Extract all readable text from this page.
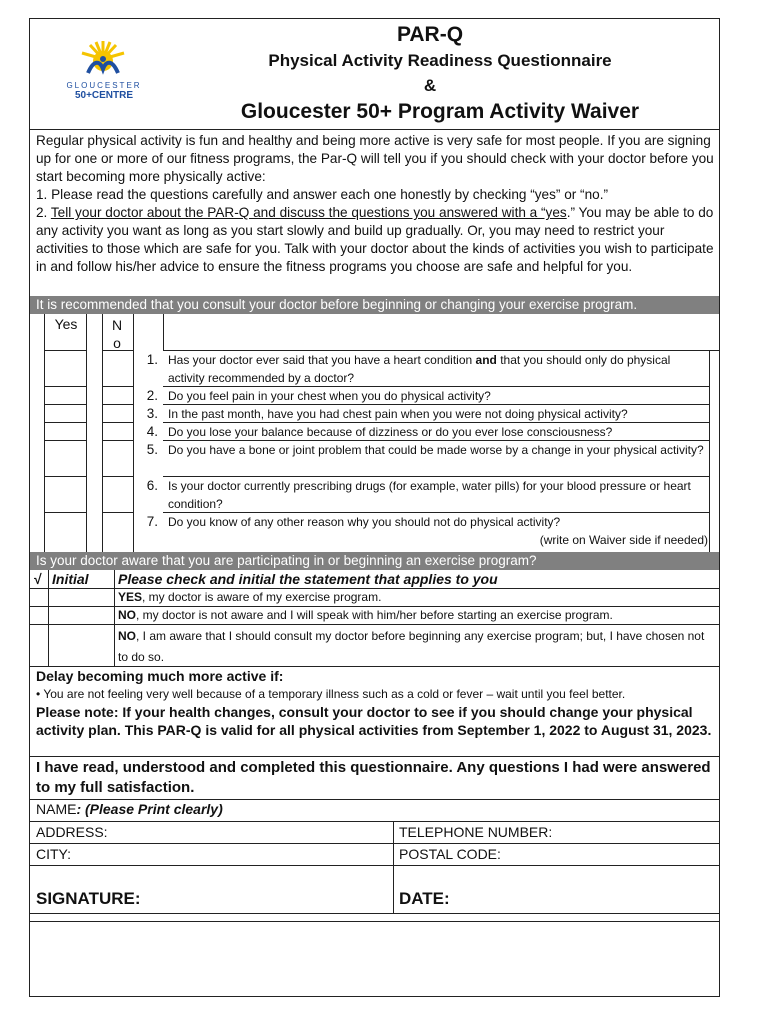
GLOUCESTER
50+CENTRE
PAR-Q
Physical Activity Readiness Questionnaire
&
Gloucester 50+ Program Activity Waiver

Regular physical activity is fun and healthy and being more active is very safe for most people. If you are signing up for one or more of our fitness programs, the Par-Q will tell you if you should check with your doctor before you start becoming more physically active:

1. Please read the questions carefully and answer each one honestly by checking “yes” or “no.”

2. Tell your doctor about the PAR-Q and discuss the questions you answered with a “yes.” You may be able to do any activity you want as long as you start slowly and build up gradually. Or, you may need to restrict your activities to those which are safe for you. Talk with your doctor about the kinds of activities you wish to participate in and follow his/her advice to ensure the fitness programs you choose are safe and helpful for you.

It is recommended that you consult your doctor before beginning or changing your exercise program.
Yes	N
o
1. Has your doctor ever said that you have a heart condition and that you should only do physical activity recommended by a doctor?
2. Do you feel pain in your chest when you do physical activity?
3. In the past month, have you had chest pain when you were not doing physical activity?
4. Do you lose your balance because of dizziness or do you ever lose consciousness?
5. Do you have a bone or joint problem that could be made worse by a change in your physical activity?
6. Is your doctor currently prescribing drugs (for example, water pills) for your blood pressure or heart condition?
7. Do you know of any other reason why you should not do physical activity?
(write on Waiver side if needed)
Is your doctor aware that you are participating in or beginning an exercise program?
√ Initial Please check and initial the statement that applies to you
YES, my doctor is aware of my exercise program.
NO, my doctor is not aware and I will speak with him/her before starting an exercise program.
NO, I am aware that I should consult my doctor before beginning any exercise program; but, I have chosen not to do so.
Delay becoming much more active if:
• You are not feeling very well because of a temporary illness such as a cold or fever – wait until you feel better.
Please note: If your health changes, consult your doctor to see if you should change your physical activity plan. This PAR-Q is valid for all physical activities from September 1, 2022 to August 31, 2023.
I have read, understood and completed this questionnaire. Any questions I had were answered to my full satisfaction.
NAME: (Please Print clearly)
ADDRESS:	TELEPHONE NUMBER:
CITY:	POSTAL CODE:
SIGNATURE:	DATE:
